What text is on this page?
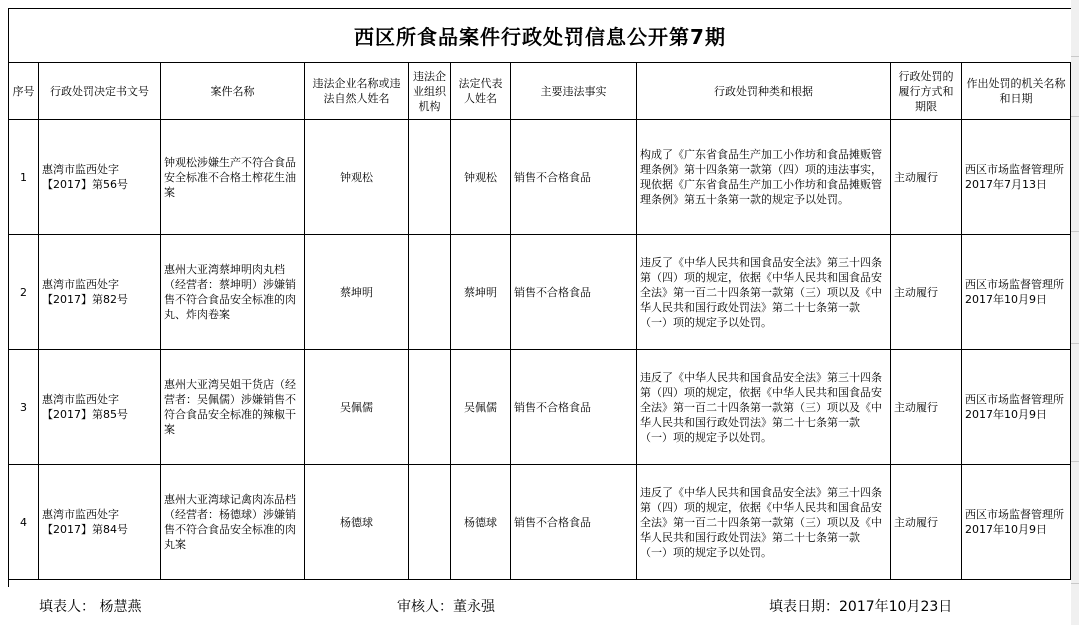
西区所食品案件行政处罚信息公开第7期
序号	行政处罚决定书文号	案件名称	违法企业名称或违法自然人姓名	违法企业组织机构	法定代表人姓名	主要违法事实	行政处罚种类和根据	行政处罚的履行方式和期限	作出处罚的机关名称和日期
1	惠湾市监西处字【2017】第56号	钟观松涉嫌生产不符合食品安全标准不合格土榨花生油案	钟观松		钟观松	销售不合格食品	构成了《广东省食品生产加工小作坊和食品摊贩管理条例》第十四条第一款第（四）项的违法事实，现依据《广东省食品生产加工小作坊和食品摊贩管理条例》第五十条第一款的规定予以处罚。	主动履行	西区市场监督管理所2017年7月13日
2	惠湾市监西处字【2017】第82号	惠州大亚湾蔡坤明肉丸档（经营者：蔡坤明）涉嫌销售不符合食品安全标准的肉丸、炸肉卷案	蔡坤明		蔡坤明	销售不合格食品	违反了《中华人民共和国食品安全法》第三十四条第（四）项的规定，依据《中华人民共和国食品安全法》第一百二十四条第一款第（三）项以及《中华人民共和国行政处罚法》第二十七条第一款（一）项的规定予以处罚。	主动履行	西区市场监督管理所2017年10月9日
3	惠湾市监西处字【2017】第85号	惠州大亚湾吴姐干货店（经营者：吴佩儒）涉嫌销售不符合食品安全标准的辣椒干案	吴佩儒		吴佩儒	销售不合格食品	违反了《中华人民共和国食品安全法》第三十四条第（四）项的规定，依据《中华人民共和国食品安全法》第一百二十四条第一款第（三）项以及《中华人民共和国行政处罚法》第二十七条第一款（一）项的规定予以处罚。	主动履行	西区市场监督管理所2017年10月9日
4	惠湾市监西处字【2017】第84号	惠州大亚湾球记禽肉冻品档（经营者：杨德球）涉嫌销售不符合食品安全标准的肉丸案	杨德球		杨德球	销售不合格食品	违反了《中华人民共和国食品安全法》第三十四条第（四）项的规定，依据《中华人民共和国食品安全法》第一百二十四条第一款第（三）项以及《中华人民共和国行政处罚法》第二十七条第一款（一）项的规定予以处罚。	主动履行	西区市场监督管理所2017年10月9日
填表人： 杨慧燕	审核人：董永强	填表日期：2017年10月23日
